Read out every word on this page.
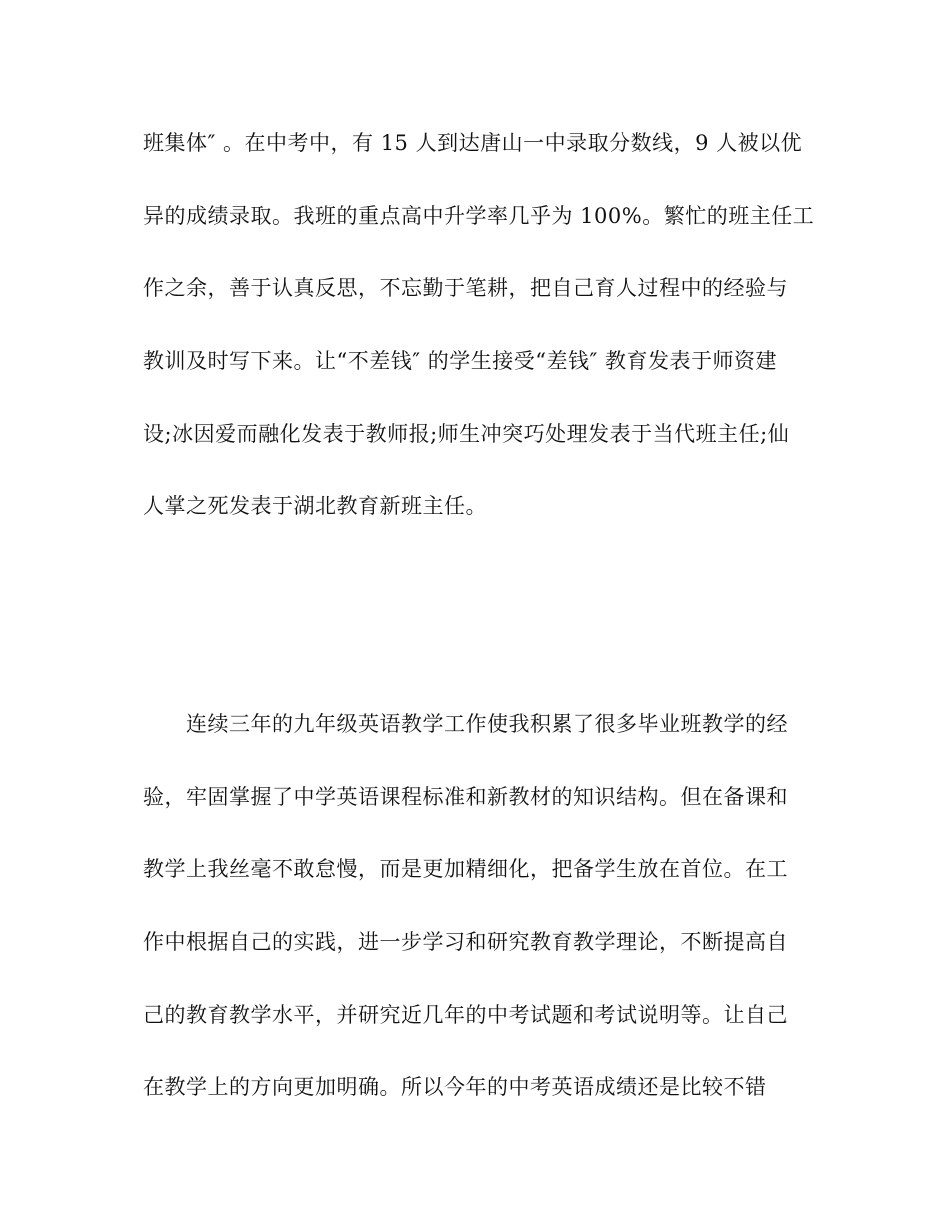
班集体″ 。在中考中，有 15 人到达唐山一中录取分数线，9 人被以优
异的成绩录取。我班的重点高中升学率几乎为 100%。繁忙的班主任工
作之余，善于认真反思，不忘勤于笔耕，把自己育人过程中的经验与
教训及时写下来。让“不差钱″ 的学生接受“差钱″ 教育发表于师资建
设;冰因爱而融化发表于教师报;师生冲突巧处理发表于当代班主任;仙
人掌之死发表于湖北教育新班主任。
连续三年的九年级英语教学工作使我积累了很多毕业班教学的经
验，牢固掌握了中学英语课程标准和新教材的知识结构。但在备课和
教学上我丝毫不敢怠慢，而是更加精细化，把备学生放在首位。在工
作中根据自己的实践，进一步学习和研究教育教学理论，不断提高自
己的教育教学水平，并研究近几年的中考试题和考试说明等。让自己
在教学上的方向更加明确。所以今年的中考英语成绩还是比较不错
